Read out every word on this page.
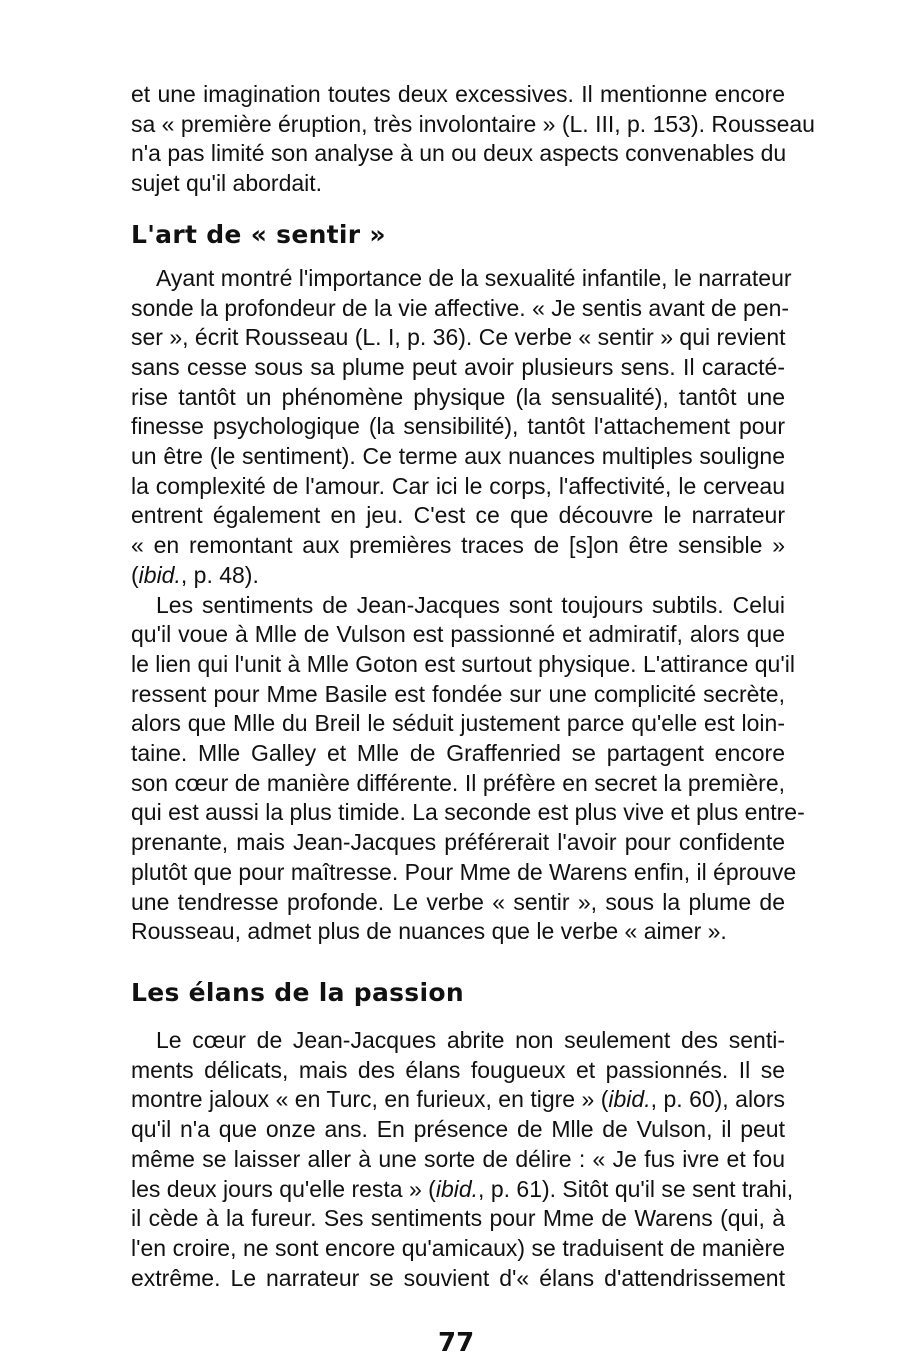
et une imagination toutes deux excessives. Il mentionne encore
sa « première éruption, très involontaire » (L. III, p. 153). Rousseau
n'a pas limité son analyse à un ou deux aspects convenables du
sujet qu'il abordait.
L'art de « sentir »
Ayant montré l'importance de la sexualité infantile, le narrateur
sonde la profondeur de la vie affective. « Je sentis avant de pen-
ser », écrit Rousseau (L. I, p. 36). Ce verbe « sentir » qui revient
sans cesse sous sa plume peut avoir plusieurs sens. Il caracté-
rise tantôt un phénomène physique (la sensualité), tantôt une
finesse psychologique (la sensibilité), tantôt l'attachement pour
un être (le sentiment). Ce terme aux nuances multiples souligne
la complexité de l'amour. Car ici le corps, l'affectivité, le cerveau
entrent également en jeu. C'est ce que découvre le narrateur
« en remontant aux premières traces de [s]on être sensible »
(ibid., p. 48).
Les sentiments de Jean-Jacques sont toujours subtils. Celui
qu'il voue à Mlle de Vulson est passionné et admiratif, alors que
le lien qui l'unit à Mlle Goton est surtout physique. L'attirance qu'il
ressent pour Mme Basile est fondée sur une complicité secrète,
alors que Mlle du Breil le séduit justement parce qu'elle est loin-
taine. Mlle Galley et Mlle de Graffenried se partagent encore
son cœur de manière différente. Il préfère en secret la première,
qui est aussi la plus timide. La seconde est plus vive et plus entre-
prenante, mais Jean-Jacques préférerait l'avoir pour confidente
plutôt que pour maîtresse. Pour Mme de Warens enfin, il éprouve
une tendresse profonde. Le verbe « sentir », sous la plume de
Rousseau, admet plus de nuances que le verbe « aimer ».
Les élans de la passion
Le cœur de Jean-Jacques abrite non seulement des senti-
ments délicats, mais des élans fougueux et passionnés. Il se
montre jaloux « en Turc, en furieux, en tigre » (ibid., p. 60), alors
qu'il n'a que onze ans. En présence de Mlle de Vulson, il peut
même se laisser aller à une sorte de délire : « Je fus ivre et fou
les deux jours qu'elle resta » (ibid., p. 61). Sitôt qu'il se sent trahi,
il cède à la fureur. Ses sentiments pour Mme de Warens (qui, à
l'en croire, ne sont encore qu'amicaux) se traduisent de manière
extrême. Le narrateur se souvient d'« élans d'attendrissement
77
